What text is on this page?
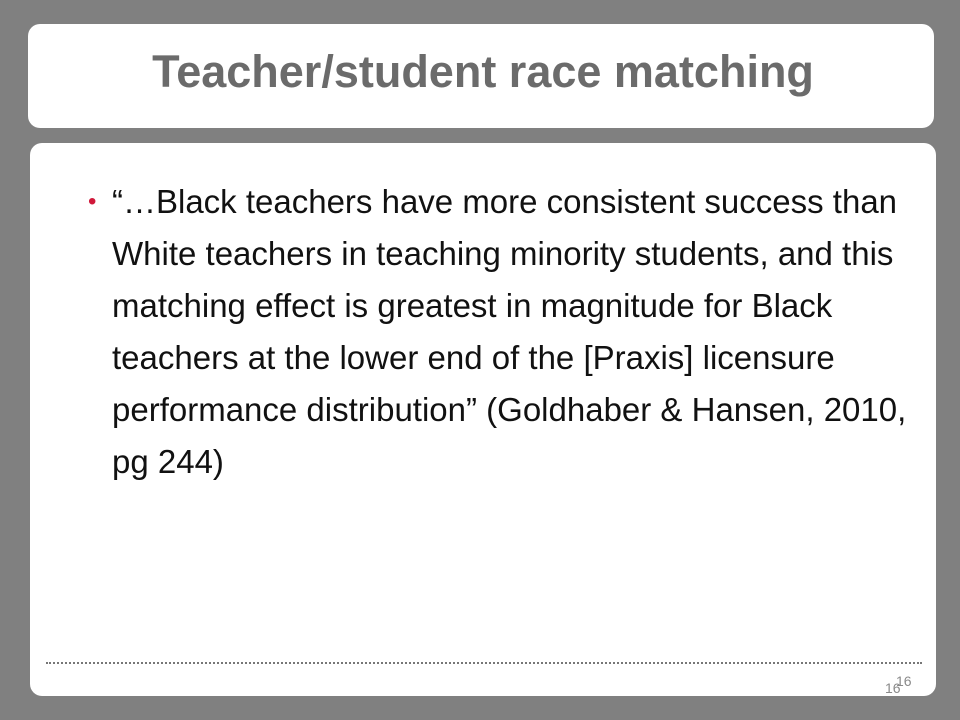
Teacher/student race matching
• “…Black teachers have more consistent success than White teachers in teaching minority students, and this matching effect is greatest in magnitude for Black teachers at the lower end of the [Praxis] licensure performance distribution” (Goldhaber & Hansen, 2010, pg 244)
16
16
